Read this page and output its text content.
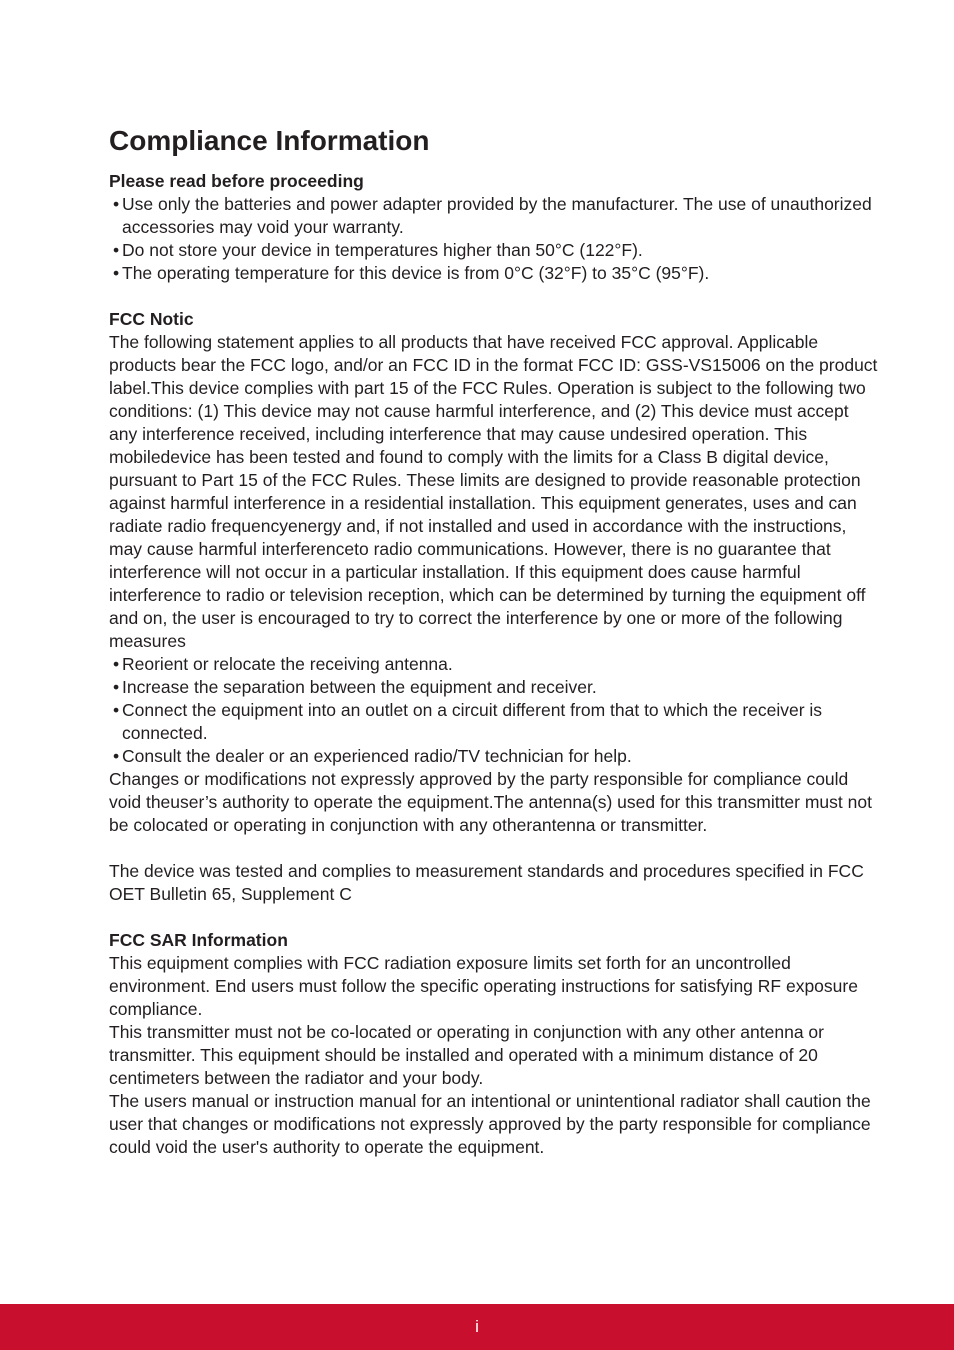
Compliance Information
Please read before proceeding
• Use only the batteries and power adapter provided by the manufacturer. The use of unauthorized accessories may void your warranty.
• Do not store your device in temperatures higher than 50°C (122°F).
• The operating temperature for this device is from 0°C (32°F) to 35°C (95°F).
FCC Notic
The following statement applies to all products that have received FCC approval. Applicable products bear the FCC logo, and/or an FCC ID in the format FCC ID: GSS-VS15006 on the product label.This device complies with part 15 of the FCC Rules. Operation is subject to the following two conditions: (1) This device may not cause harmful interference, and (2) This device must accept any interference received, including interference that may cause undesired operation. This mobiledevice has been tested and found to comply with the limits for a Class B digital device, pursuant to Part 15 of the FCC Rules. These limits are designed to provide reasonable protection against harmful interference in a residential installation. This equipment generates, uses and can radiate radio frequencyenergy and, if not installed and used in accordance with the instructions, may cause harmful interferenceto radio communications. However, there is no guarantee that interference will not occur in a particular installation. If this equipment does cause harmful interference to radio or television reception, which can be determined by turning the equipment off and on, the user is encouraged to try to correct the interference by one or more of the following measures
• Reorient or relocate the receiving antenna.
• Increase the separation between the equipment and receiver.
• Connect the equipment into an outlet on a circuit different from that to which the receiver is connected.
• Consult the dealer or an experienced radio/TV technician for help.
Changes or modifications not expressly approved by the party responsible for compliance could void theuser’s authority to operate the equipment.The antenna(s) used for this transmitter must not be colocated or operating in conjunction with any otherantenna or transmitter.
The device was tested and complies to measurement standards and procedures specified in FCC OET Bulletin 65, Supplement C
FCC SAR Information
This equipment complies with FCC radiation exposure limits set forth for an uncontrolled environment. End users must follow the specific operating instructions for satisfying RF exposure compliance.
This transmitter must not be co-located or operating in conjunction with any other antenna or transmitter. This equipment should be installed and operated with a minimum distance of 20 centimeters between the radiator and your body.
The users manual or instruction manual for an intentional or unintentional radiator shall caution the user that changes or modifications not expressly approved by the party responsible for compliance could void the user's authority to operate the equipment.
i
